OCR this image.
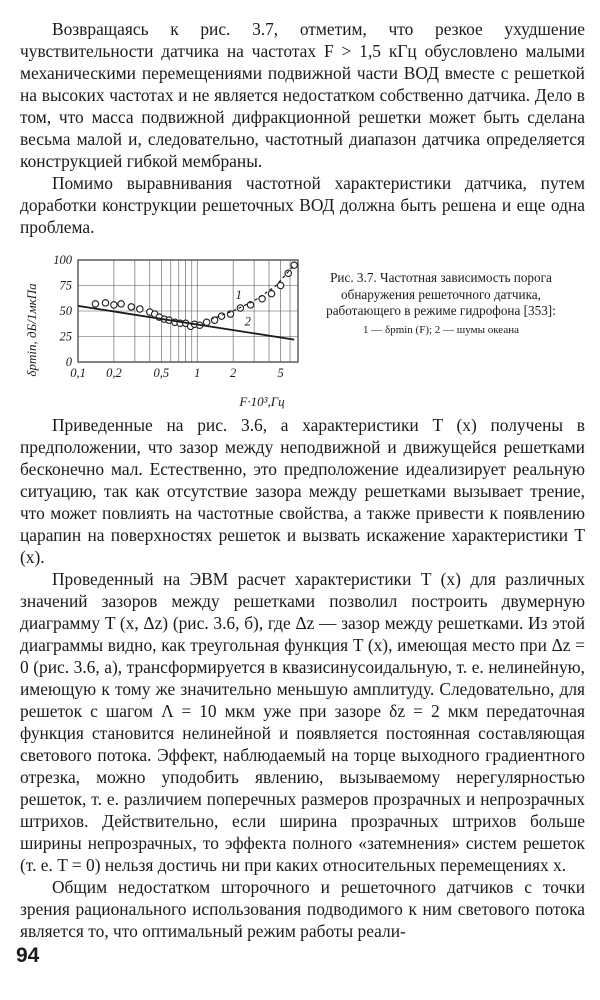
Возвращаясь к рис. 3.7, отметим, что резкое ухудшение чувствительности датчика на частотах F > 1,5 кГц обусловлено малыми механическими перемещениями подвижной части ВОД вместе с решеткой на высоких частотах и не является недостатком собственно датчика. Дело в том, что масса подвижной дифракционной решетки может быть сделана весьма малой и, следовательно, частотный диапазон датчика определяется конструкцией гибкой мембраны.

Помимо выравнивания частотной характеристики датчика, путем доработки конструкции решеточных ВОД должна быть решена и еще одна проблема.

1
2
0
25
50
75
100
0,1 0,2	0,5 1 2	5
δpmin, дБ/1мкПа
F·10³,Гц

Рис. 3.7. Частотная зависимость порога обнаружения решеточного датчика, работающего в режиме гидрофона [353]:
1 — δpmin (F); 2 — шумы океана

Приведенные на рис. 3.6, а характеристики T (x) получены в предположении, что зазор между неподвижной и движущейся решетками бесконечно мал. Естественно, это предположение идеализирует реальную ситуацию, так как отсутствие зазора между решетками вызывает трение, что может повлиять на частотные свойства, а также привести к появлению царапин на поверхностях решеток и вызвать искажение характеристики T (x).

Проведенный на ЭВМ расчет характеристики T (x) для различных значений зазоров между решетками позволил построить двумерную диаграмму T (x, Δz) (рис. 3.6, б), где Δz — зазор между решетками. Из этой диаграммы видно, как треугольная функция T (x), имеющая место при Δz = 0 (рис. 3.6, а), трансформируется в квазисинусоидальную, т. е. нелинейную, имеющую к тому же значительно меньшую амплитуду. Следовательно, для решеток с шагом Λ = 10 мкм уже при зазоре δz = 2 мкм передаточная функция становится нелинейной и появляется постоянная составляющая светового потока. Эффект, наблюдаемый на торце выходного градиентного отрезка, можно уподобить явлению, вызываемому нерегулярностью решеток, т. е. различием поперечных размеров прозрачных и непрозрачных штрихов. Действительно, если ширина прозрачных штрихов больше ширины непрозрачных, то эффекта полного «затемнения» систем решеток (т. е. T = 0) нельзя достичь ни при каких относительных перемещениях x.

Общим недостатком шторочного и решеточного датчиков с точки зрения рационального использования подводимого к ним светового потока является то, что оптимальный режим работы реали-

94
